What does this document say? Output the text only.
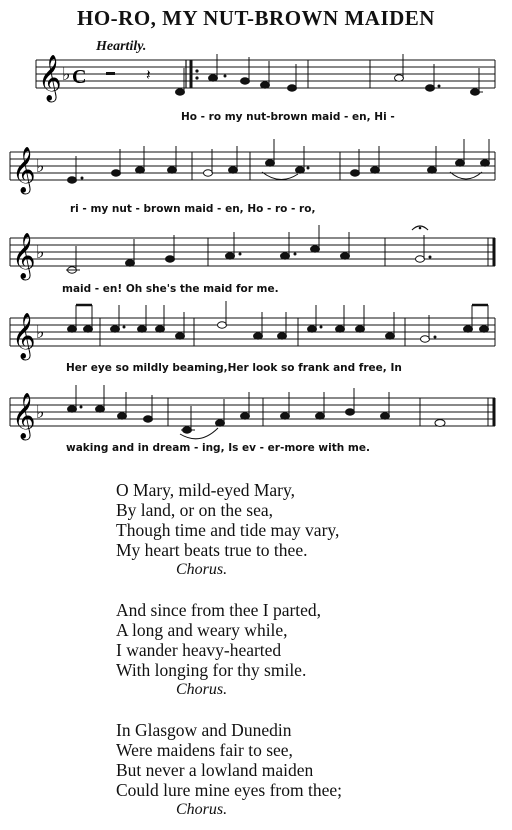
HO-RO, MY NUT-BROWN MAIDEN
Heartily.
𝄞 ♭ C	𝄽
Ho - ro my nut-brown maid - en, Hi -
𝄞 ♭
ri - my nut - brown maid - en, Ho - ro - ro,
𝄞 ♭
maid - en! Oh she's the maid for me.
𝄞 ♭
Her eye so mildly beaming,Her look so frank and free, In
𝄞 ♭
waking and in dream - ing, Is ev - er-more with me.
O Mary, mild-eyed Mary,
By land, or on the sea,
Though time and tide may vary,
My heart beats true to thee.
Chorus.
And since from thee I parted,
A long and weary while,
I wander heavy-hearted
With longing for thy smile.
Chorus.
In Glasgow and Dunedin
Were maidens fair to see,
But never a lowland maiden
Could lure mine eyes from thee;
Chorus.
